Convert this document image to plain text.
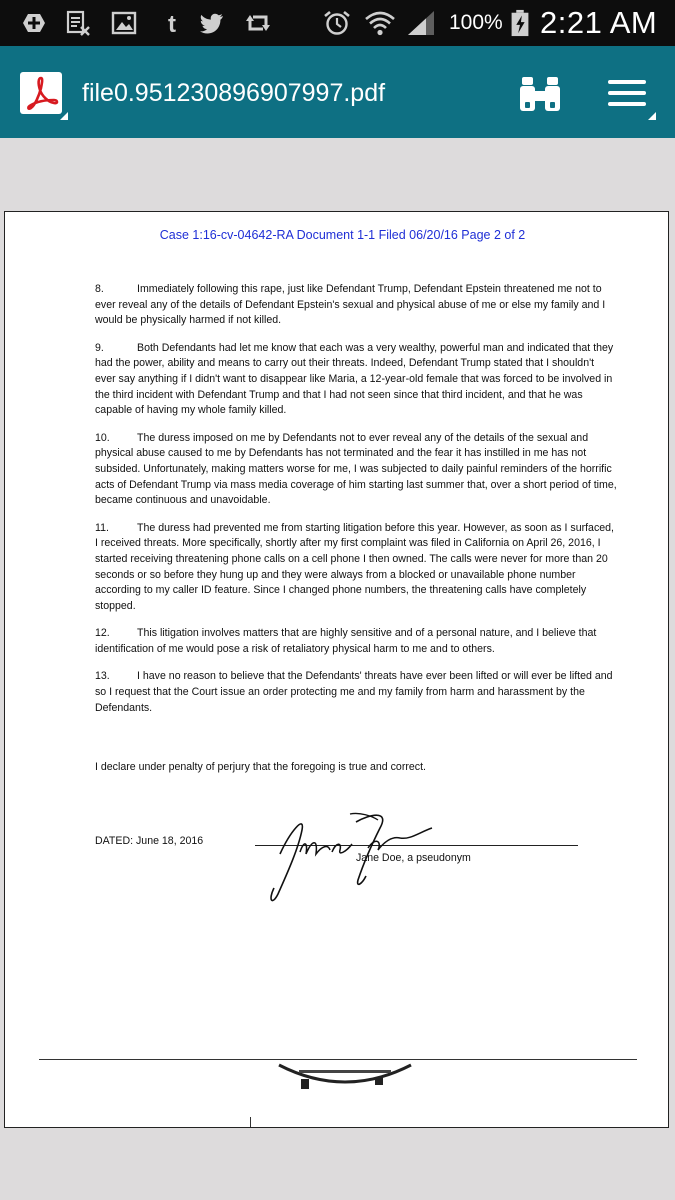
t	100% 2:21 AM
file0.951230896907997.pdf
Case 1:16-cv-04642-RA Document 1-1 Filed 06/20/16 Page 2 of 2

8.	Immediately following this rape, just like Defendant Trump, Defendant Epstein threatened me not to ever reveal any of the details of Defendant Epstein's sexual and physical abuse of me or else my family and I would be physically harmed if not killed.

9.	Both Defendants had let me know that each was a very wealthy, powerful man and indicated that they had the power, ability and means to carry out their threats. Indeed, Defendant Trump stated that I shouldn't ever say anything if I didn't want to disappear like Maria, a 12-year-old female that was forced to be involved in the third incident with Defendant Trump and that I had not seen since that third incident, and that he was capable of having my whole family killed.

10.	The duress imposed on me by Defendants not to ever reveal any of the details of the sexual and physical abuse caused to me by Defendants has not terminated and the fear it has instilled in me has not subsided. Unfortunately, making matters worse for me, I was subjected to daily painful reminders of the horrific acts of Defendant Trump via mass media coverage of him starting last summer that, over a short period of time, became continuous and unavoidable.

11.	The duress had prevented me from starting litigation before this year. However, as soon as I surfaced, I received threats. More specifically, shortly after my first complaint was filed in California on April 26, 2016, I started receiving threatening phone calls on a cell phone I then owned. The calls were never for more than 20 seconds or so before they hung up and they were always from a blocked or unavailable phone number according to my caller ID feature. Since I changed phone numbers, the threatening calls have completely stopped.

12.	This litigation involves matters that are highly sensitive and of a personal nature, and I believe that identification of me would pose a risk of retaliatory physical harm to me and to others.

13.	I have no reason to believe that the Defendants' threats have ever been lifted or will ever be lifted and so I request that the Court issue an order protecting me and my family from harm and harassment by the Defendants.

I declare under penalty of perjury that the foregoing is true and correct.
DATED: June 18, 2016
Jane Doe, a pseudonym
